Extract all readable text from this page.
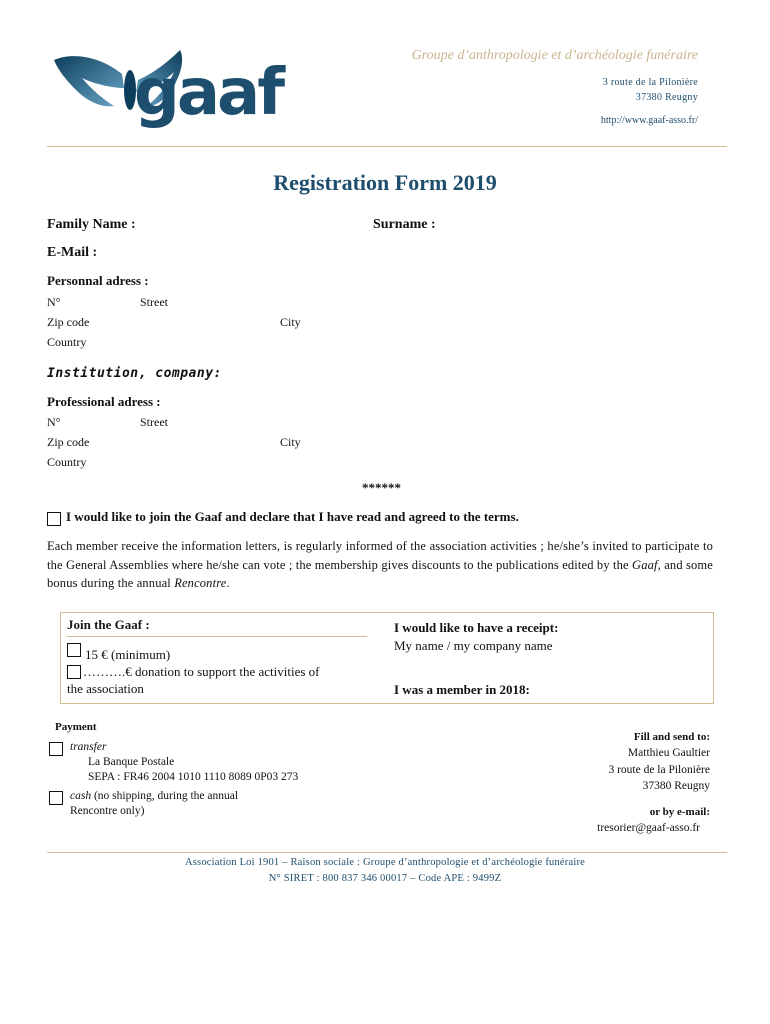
gaaf
Groupe d’anthropologie et d’archéologie funéraire
3 route de la Pilonière
37380 Reugny
http://www.gaaf-asso.fr/
Registration Form 2019
Family Name :	Surname :
E-Mail :
Personnal adress :
N°	Street
Zip code	City
Country
Institution, company:
Professional adress :
N°	Street
Zip code	City
Country
******
I would like to join the Gaaf and declare that I have read and agreed to the terms.
Each member receive the information letters, is regularly informed of the association activities ; he/she’s invited to participate to the General Assemblies where he/she can vote ; the membership gives discounts to the publications edited by the Gaaf, and some bonus during the annual Rencontre.
Join the Gaaf :
15 € (minimum)
……….€ donation to support the activities of
the association
I would like to have a receipt:
My name / my company name
I was a member in 2018:
Payment
transfer
La Banque Postale
SEPA : FR46 2004 1010 1110 8089 0P03 273
cash (no shipping, during the annual
Rencontre only)
Fill and send to:
Matthieu Gaultier
3 route de la Pilonière
37380 Reugny
or by e-mail:
tresorier@gaaf-asso.fr
Association Loi 1901 – Raison sociale : Groupe d’anthropologie et d’archéologie funéraire
N° SIRET : 800 837 346 00017 – Code APE : 9499Z
